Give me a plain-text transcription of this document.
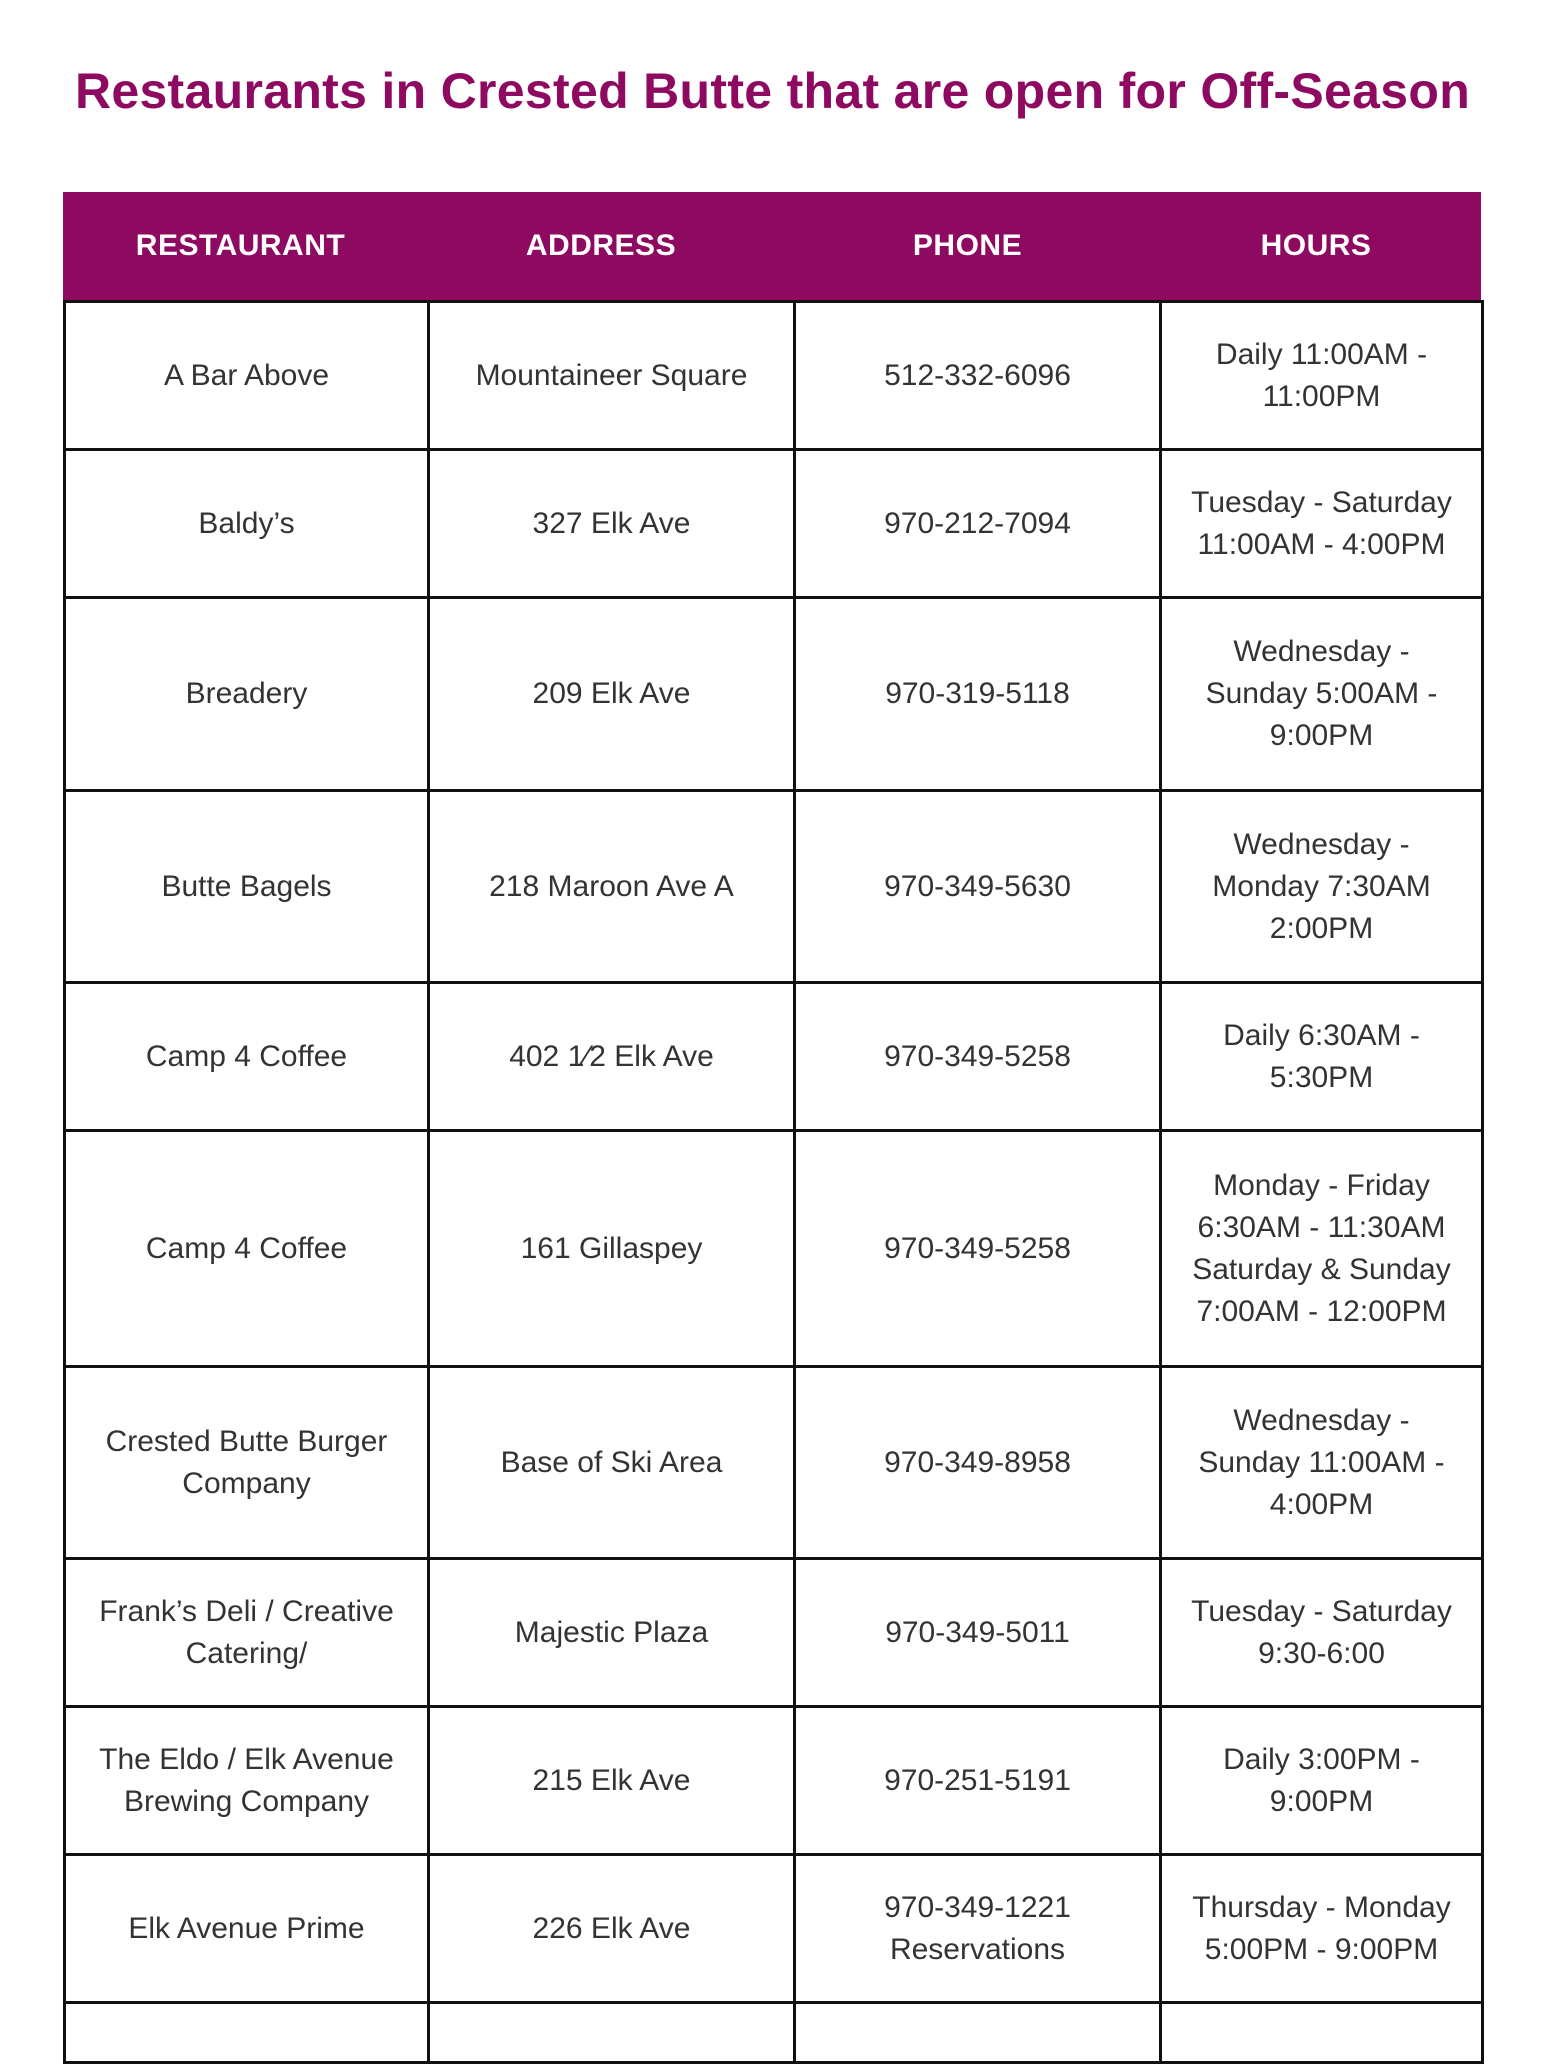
Restaurants in Crested Butte that are open for Off-Season
RESTAURANT	ADDRESS	PHONE	HOURS
A Bar Above	Mountaineer Square	512-332-6096	Daily 11:00AM -
11:00PM

Baldy’s	327 Elk Ave	970-212-7094	Tuesday - Saturday
11:00AM - 4:00PM

Breadery	209 Elk Ave	970-319-5118	Wednesday -
Sunday 5:00AM -
9:00PM

Butte Bagels	218 Maroon Ave A	970-349-5630	Wednesday -
Monday 7:30AM
2:00PM

Camp 4 Coffee	402 1⁄2 Elk Ave	970-349-5258	Daily 6:30AM -
5:30PM

Camp 4 Coffee	161 Gillaspey	970-349-5258	Monday - Friday
6:30AM - 11:30AM
Saturday & Sunday
7:00AM - 12:00PM

Crested Butte Burger Company	Base of Ski Area	970-349-8958	Wednesday -
Sunday 11:00AM -
4:00PM

Frank’s Deli / Creative Catering/	Majestic Plaza	970-349-5011	Tuesday - Saturday
9:30-6:00

The Eldo / Elk Avenue Brewing Company	215 Elk Ave	970-251-5191	Daily 3:00PM -
9:00PM

Elk Avenue Prime	226 Elk Ave	970-349-1221 Reservations	Thursday - Monday
5:00PM - 9:00PM
